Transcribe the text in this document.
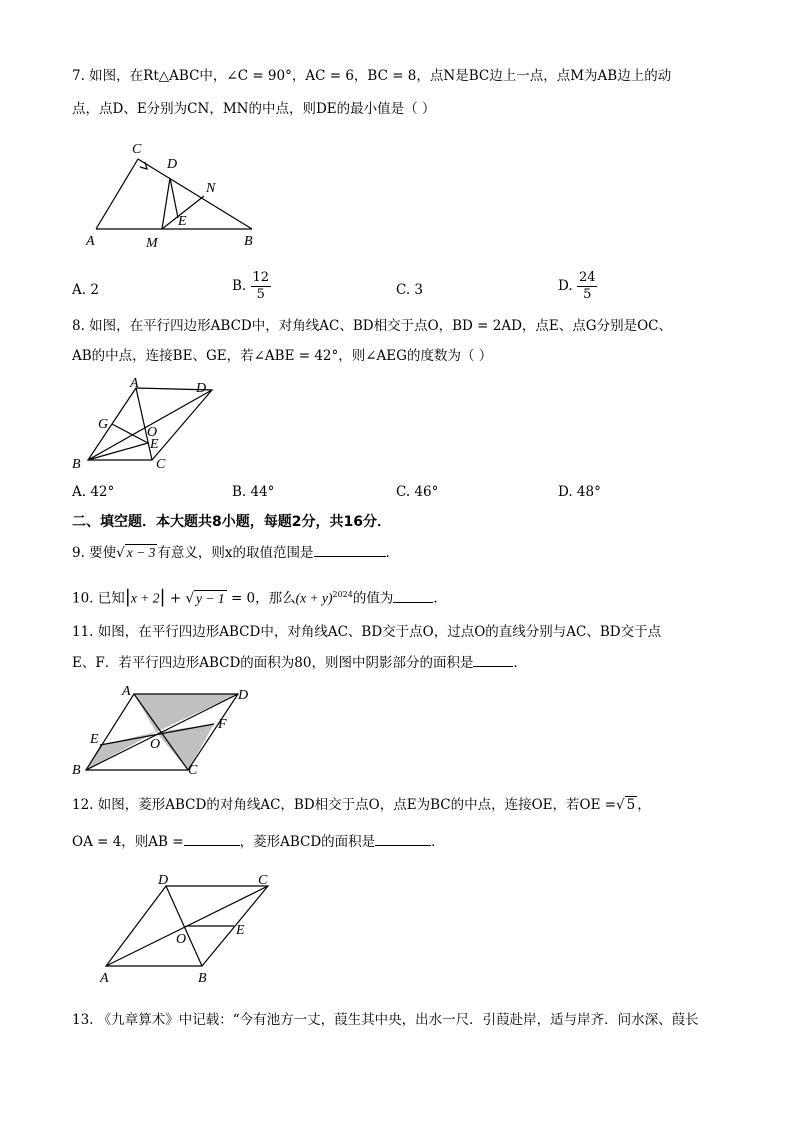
7. 如图，在Rt△ABC中，∠C = 90°，AC = 6，BC = 8，点N是BC边上一点，点M为AB边上的动
点，点D、E分别为CN，MN的中点，则DE的最小值是（ ）
C
D
N
E
A	M	B
A. 2	B. $\frac{12}{5}$	C. 3	D. $\frac{24}{5}$
8. 如图，在平行四边形ABCD中，对角线AC、BD相交于点O，BD = 2AD，点E、点G分别是OC、
AB的中点，连接BE、GE，若∠ABE = 42°，则∠AEG的度数为（ ）
A	D
G
O
E
B	C
A. 42°	B. 44°	C. 46°	D. 48°
二、填空题．本大题共8小题，每题2分，共16分．
9. 要使√ x − 3 有意义，则x的取值范围是	．
10. 已知|x + 2| + √ y − 1 = 0，那么$(x + y)^{2024}$的值为	．
11. 如图，在平行四边形ABCD中，对角线AC、BD交于点O，过点O的直线分别与AC、BD交于点
E、F．若平行四边形ABCD的面积为80，则图中阴影部分的面积是	．
A	D
E
F
O
B	C
12. 如图，菱形ABCD的对角线AC，BD相交于点O，点E为BC的中点，连接OE，若OE =√ 5 ，
OA = 4，则AB =	，菱形ABCD的面积是	．
D	C
O
E
A	B
13. 《九章算术》中记载：“今有池方一丈，葭生其中央，出水一尺．引葭赴岸，适与岸齐．问水深、葭长
